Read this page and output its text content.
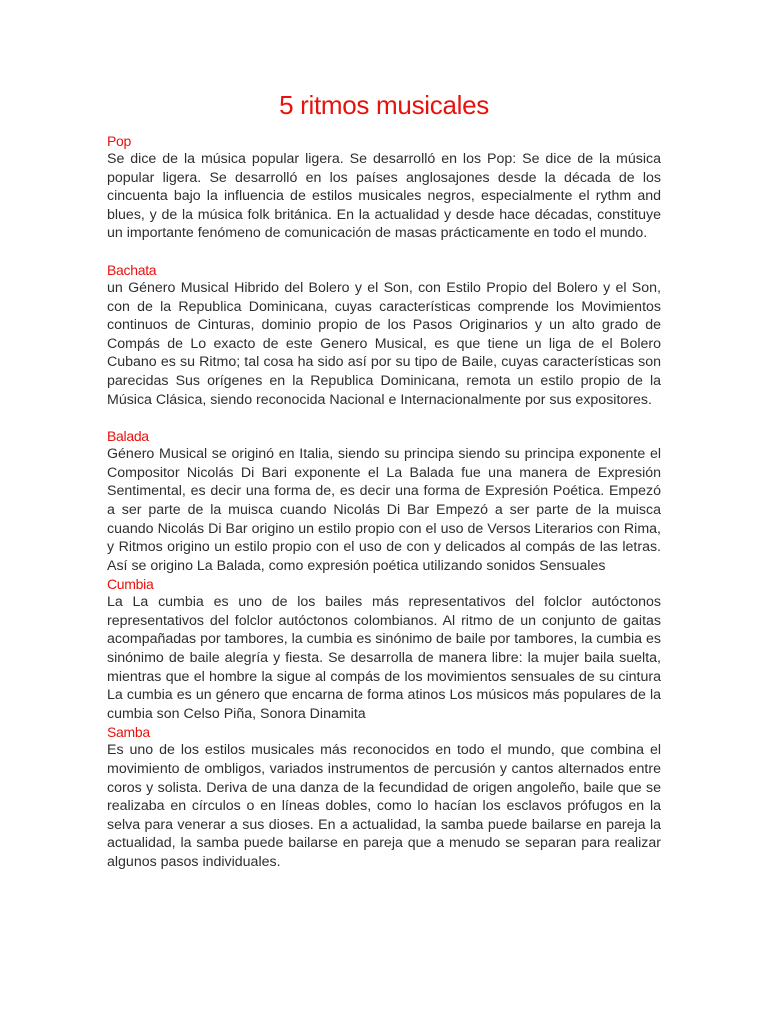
5 ritmos musicales

Pop

Se dice de la música popular ligera. Se desarrolló en los Pop: Se dice de la música popular ligera. Se desarrolló en los países anglosajones desde la década de los cincuenta bajo la influencia de estilos musicales negros, especialmente el rythm and blues, y de la música folk británica. En la actualidad y desde hace décadas, constituye un importante fenómeno de comunicación de masas prácticamente en todo el mundo.

Bachata

un Género Musical Hibrido del Bolero y el Son, con Estilo Propio del Bolero y el Son, con de la Republica Dominicana, cuyas características comprende los Movimientos continuos de Cinturas, dominio propio de los Pasos Originarios y un alto grado de Compás de Lo exacto de este Genero Musical, es que tiene un liga de el Bolero Cubano es su Ritmo; tal cosa ha sido así por su tipo de Baile, cuyas características son parecidas Sus orígenes en la Republica Dominicana, remota un estilo propio de la Música Clásica, siendo reconocida Nacional e Internacionalmente por sus expositores.

Balada

Género Musical se originó en Italia, siendo su principa siendo su principa exponente el Compositor Nicolás Di Bari exponente el La Balada fue una manera de Expresión Sentimental, es decir una forma de, es decir una forma de Expresión Poética. Empezó a ser parte de la muisca cuando Nicolás Di Bar Empezó a ser parte de la muisca cuando Nicolás Di Bar origino un estilo propio con el uso de Versos Literarios con Rima, y Ritmos origino un estilo propio con el uso de con y delicados al compás de las letras. Así se origino La Balada, como expresión poética utilizando sonidos Sensuales

Cumbia

La La cumbia es uno de los bailes más representativos del folclor autóctonos representativos del folclor autóctonos colombianos. Al ritmo de un conjunto de gaitas acompañadas por tambores, la cumbia es sinónimo de baile por tambores, la cumbia es sinónimo de baile alegría y fiesta. Se desarrolla de manera libre: la mujer baila suelta, mientras que el hombre la sigue al compás de los movimientos sensuales de su cintura La cumbia es un género que encarna de forma atinos Los músicos más populares de la cumbia son Celso Piña, Sonora Dinamita

Samba

Es uno de los estilos musicales más reconocidos en todo el mundo, que combina el movimiento de ombligos, variados instrumentos de percusión y cantos alternados entre coros y solista. Deriva de una danza de la fecundidad de origen angoleño, baile que se realizaba en círculos o en líneas dobles, como lo hacían los esclavos prófugos en la selva para venerar a sus dioses. En a actualidad, la samba puede bailarse en pareja la actualidad, la samba puede bailarse en pareja que a menudo se separan para realizar algunos pasos individuales.
